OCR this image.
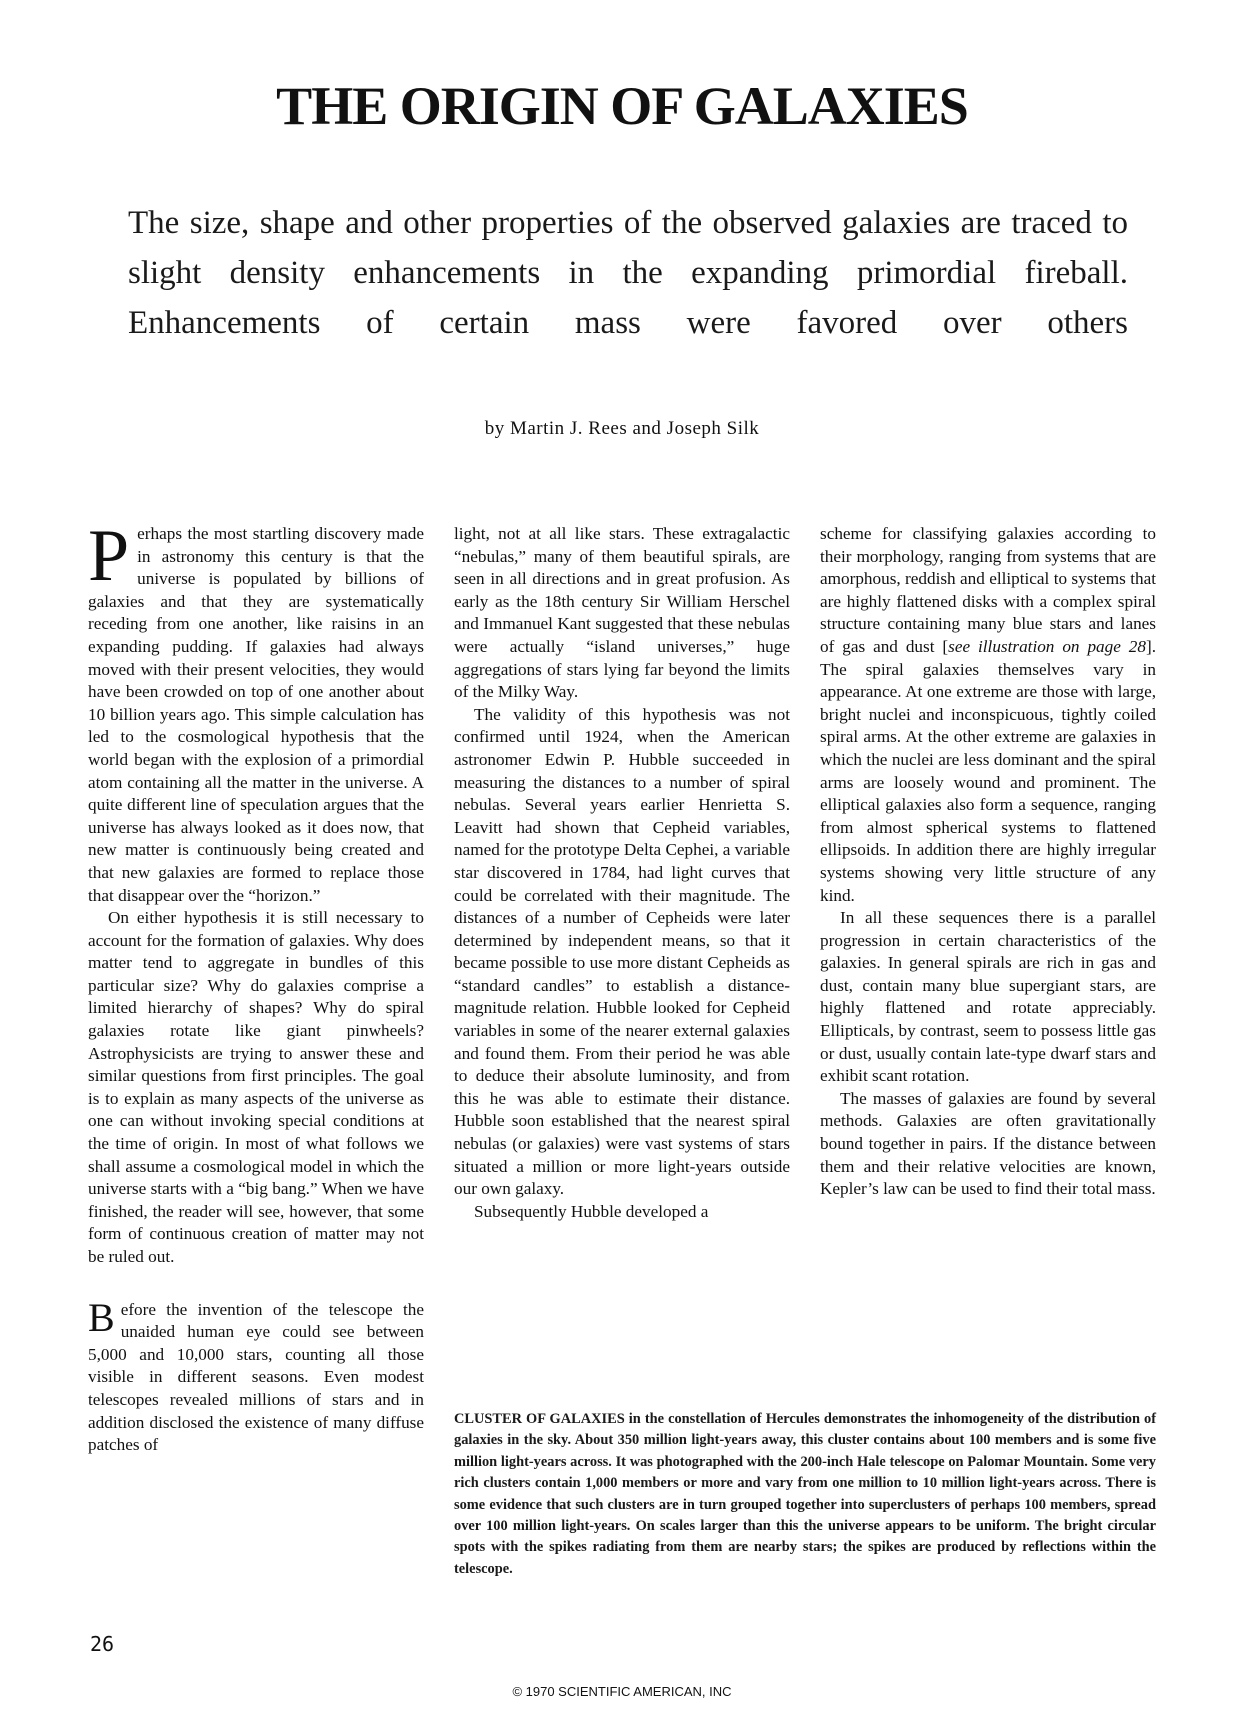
THE ORIGIN OF GALAXIES

The size, shape and other properties of the observed galaxies are traced to slight density enhancements in the expanding primordial fireball. Enhancements of certain mass were favored over others

by Martin J. Rees and Joseph Silk

Perhaps the most startling discovery made in astronomy this century is that the universe is populated by billions of galaxies and that they are systematically receding from one another, like raisins in an expanding pudding. If galaxies had always moved with their present velocities, they would have been crowded on top of one another about 10 billion years ago. This simple calculation has led to the cosmological hypothesis that the world began with the explosion of a primordial atom containing all the matter in the universe. A quite different line of speculation argues that the universe has always looked as it does now, that new matter is continuously being created and that new galaxies are formed to replace those that disappear over the “horizon.”

On either hypothesis it is still necessary to account for the formation of galaxies. Why does matter tend to aggregate in bundles of this particular size? Why do galaxies comprise a limited hierarchy of shapes? Why do spiral galaxies rotate like giant pinwheels? Astrophysicists are trying to answer these and similar questions from first principles. The goal is to explain as many aspects of the universe as one can without invoking special conditions at the time of origin. In most of what follows we shall assume a cosmological model in which the universe starts with a “big bang.” When we have finished, the reader will see, however, that some form of continuous creation of matter may not be ruled out.

Before the invention of the telescope the unaided human eye could see between 5,000 and 10,000 stars, counting all those visible in different seasons. Even modest telescopes revealed millions of stars and in addition disclosed the existence of many diffuse patches of

light, not at all like stars. These extragalactic “nebulas,” many of them beautiful spirals, are seen in all directions and in great profusion. As early as the 18th century Sir William Herschel and Immanuel Kant suggested that these nebulas were actually “island universes,” huge aggregations of stars lying far beyond the limits of the Milky Way.

The validity of this hypothesis was not confirmed until 1924, when the American astronomer Edwin P. Hubble succeeded in measuring the distances to a number of spiral nebulas. Several years earlier Henrietta S. Leavitt had shown that Cepheid variables, named for the prototype Delta Cephei, a variable star discovered in 1784, had light curves that could be correlated with their magnitude. The distances of a number of Cepheids were later determined by independent means, so that it became possible to use more distant Cepheids as “standard candles” to establish a distance-magnitude relation. Hubble looked for Cepheid variables in some of the nearer external galaxies and found them. From their period he was able to deduce their absolute luminosity, and from this he was able to estimate their distance. Hubble soon established that the nearest spiral nebulas (or galaxies) were vast systems of stars situated a million or more light-years outside our own galaxy.

Subsequently Hubble developed a

scheme for classifying galaxies according to their morphology, ranging from systems that are amorphous, reddish and elliptical to systems that are highly flattened disks with a complex spiral structure containing many blue stars and lanes of gas and dust [see illustration on page 28]. The spiral galaxies themselves vary in appearance. At one extreme are those with large, bright nuclei and inconspicuous, tightly coiled spiral arms. At the other extreme are galaxies in which the nuclei are less dominant and the spiral arms are loosely wound and prominent. The elliptical galaxies also form a sequence, ranging from almost spherical systems to flattened ellipsoids. In addition there are highly irregular systems showing very little structure of any kind.

In all these sequences there is a parallel progression in certain characteristics of the galaxies. In general spirals are rich in gas and dust, contain many blue supergiant stars, are highly flattened and rotate appreciably. Ellipticals, by contrast, seem to possess little gas or dust, usually contain late-type dwarf stars and exhibit scant rotation.

The masses of galaxies are found by several methods. Galaxies are often gravitationally bound together in pairs. If the distance between them and their relative velocities are known, Kepler’s law can be used to find their total mass.

CLUSTER OF GALAXIES in the constellation of Hercules demonstrates the inhomogeneity of the distribution of galaxies in the sky. About 350 million light-years away, this cluster contains about 100 members and is some five million light-years across. It was photographed with the 200-inch Hale telescope on Palomar Mountain. Some very rich clusters contain 1,000 members or more and vary from one million to 10 million light-years across. There is some evidence that such clusters are in turn grouped together into superclusters of perhaps 100 members, spread over 100 million light-years. On scales larger than this the universe appears to be uniform. The bright circular spots with the spikes radiating from them are nearby stars; the spikes are produced by reflections within the telescope.

26

© 1970 SCIENTIFIC AMERICAN, INC
